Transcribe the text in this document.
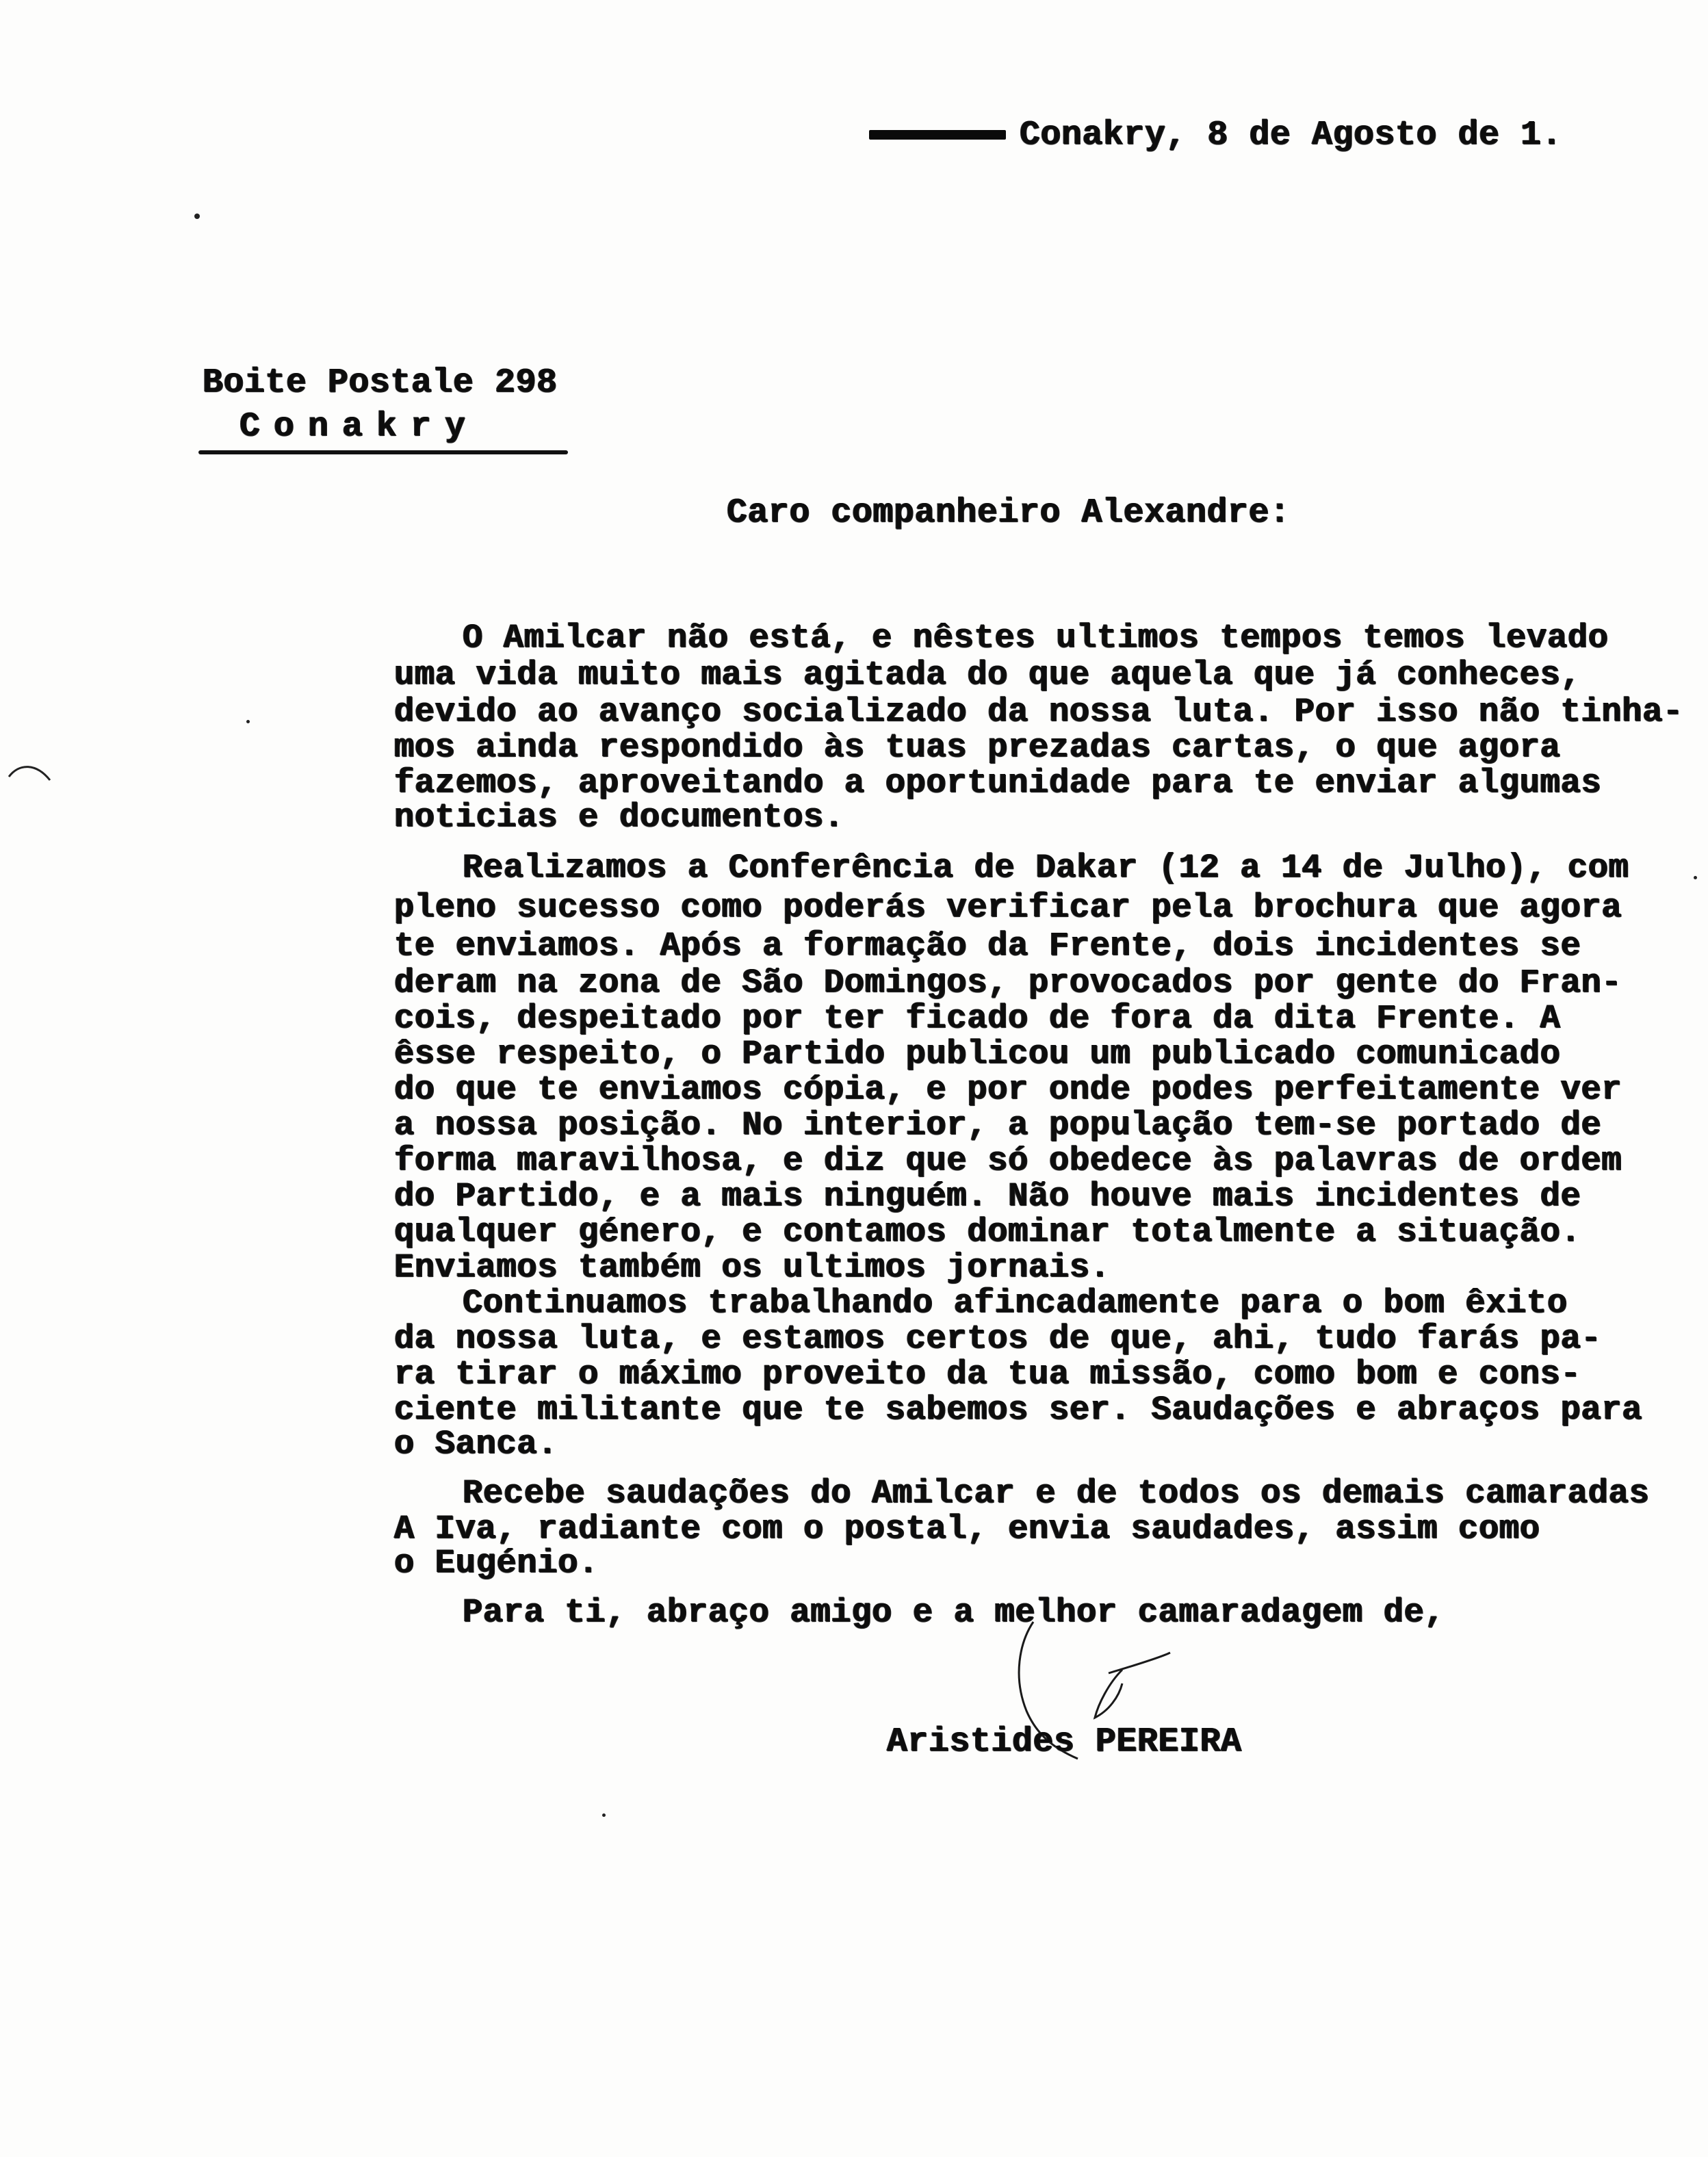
Conakry, 8 de Agosto de 1.
Boite Postale 298
Conakry
Caro companheiro Alexandre:
O Amilcar não está, e nêstes ultimos tempos temos levado
uma vida muito mais agitada do que aquela que já conheces,
devido ao avanço socializado da nossa luta. Por isso não tinha-
mos ainda respondido às tuas prezadas cartas, o que agora
fazemos, aproveitando a oportunidade para te enviar algumas
noticias e documentos.
Realizamos a Conferência de Dakar (12 a 14 de Julho), com
pleno sucesso como poderás verificar pela brochura que agora
te enviamos. Após a formação da Frente, dois incidentes se
deram na zona de São Domingos, provocados por gente do Fran-
cois, despeitado por ter ficado de fora da dita Frente. A
êsse respeito, o Partido publicou um publicado comunicado
do que te enviamos cópia, e por onde podes perfeitamente ver
a nossa posição. No interior, a população tem-se portado de
forma maravilhosa, e diz que só obedece às palavras de ordem
do Partido, e a mais ninguém. Não houve mais incidentes de
qualquer género, e contamos dominar totalmente a situação.
Enviamos também os ultimos jornais.
Continuamos trabalhando afincadamente para o bom êxito
da nossa luta, e estamos certos de que, ahi, tudo farás pa-
ra tirar o máximo proveito da tua missão, como bom e cons-
ciente militante que te sabemos ser. Saudações e abraços para
o Sanca.
Recebe saudações do Amilcar e de todos os demais camaradas
A Iva, radiante com o postal, envia saudades, assim como
o Eugénio.
Para ti, abraço amigo e a melhor camaradagem de,
Aristides PEREIRA
